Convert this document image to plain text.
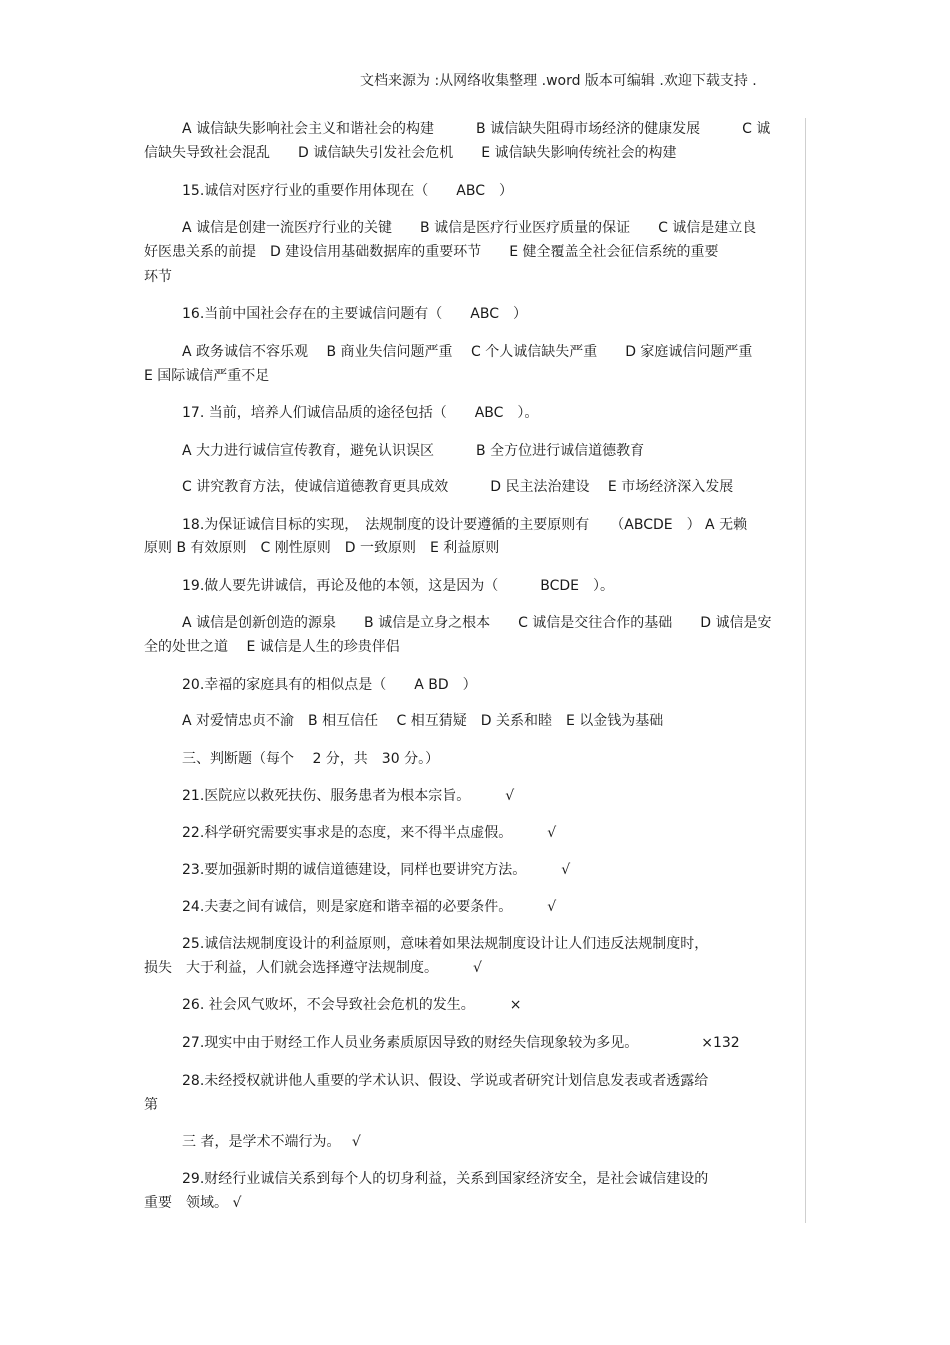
文档来源为 :从网络收集整理 .word 版本可编辑 .欢迎下载支持 .
A 诚信缺失影响社会主义和谐社会的构建　　　B 诚信缺失阻碍市场经济的健康发展　　　C 诚
信缺失导致社会混乱　　D 诚信缺失引发社会危机　　E 诚信缺失影响传统社会的构建
15.诚信对医疗行业的重要作用体现在（　　ABC　）
A 诚信是创建一流医疗行业的关键　　B 诚信是医疗行业医疗质量的保证　　C 诚信是建立良
好医患关系的前提　D 建设信用基础数据库的重要环节　　E 健全覆盖全社会征信系统的重要
环节
16.当前中国社会存在的主要诚信问题有（　　ABC　）
A 政务诚信不容乐观　 B 商业失信问题严重　 C 个人诚信缺失严重　　D 家庭诚信问题严重
E 国际诚信严重不足
17. 当前，培养人们诚信品质的途径包括（　　ABC　）。
A 大力进行诚信宣传教育，避免认识误区　　　B 全方位进行诚信道德教育
C 讲究教育方法，使诚信道德教育更具成效　　　D 民主法治建设　 E 市场经济深入发展
18.为保证诚信目标的实现，　法规制度的设计要遵循的主要原则有　　（ABCDE　） A 无赖
原则 B 有效原则　C 刚性原则　D 一致原则　E 利益原则
19.做人要先讲诚信，再论及他的本领，这是因为（　　　BCDE　）。
A 诚信是创新创造的源泉　　B 诚信是立身之根本　　C 诚信是交往合作的基础　　D 诚信是安
全的处世之道　 E 诚信是人生的珍贵伴侣
20.幸福的家庭具有的相似点是（　　A BD　）
A 对爱情忠贞不渝　B 相互信任　 C 相互猜疑　D 关系和睦　E 以金钱为基础
三、判断题（每个　 2 分，共　30 分。）
21.医院应以救死扶伤、服务患者为根本宗旨。　　　√
22.科学研究需要实事求是的态度，来不得半点虚假。　　　√
23.要加强新时期的诚信道德建设，同样也要讲究方法。　　　√
24.夫妻之间有诚信，则是家庭和谐幸福的必要条件。　　　√
25.诚信法规制度设计的利益原则，意味着如果法规制度设计让人们违反法规制度时，
损失　大于利益，人们就会选择遵守法规制度。　　　√
26. 社会风气败坏，不会导致社会危机的发生。　　　×
27.现实中由于财经工作人员业务素质原因导致的财经失信现象较为多见。　　　　　×132
28.未经授权就讲他人重要的学术认识、假设、学说或者研究计划信息发表或者透露给
第
三 者，是学术不端行为。　 √
29.财经行业诚信关系到每个人的切身利益，关系到国家经济安全，是社会诚信建设的
重要　领域。 √
